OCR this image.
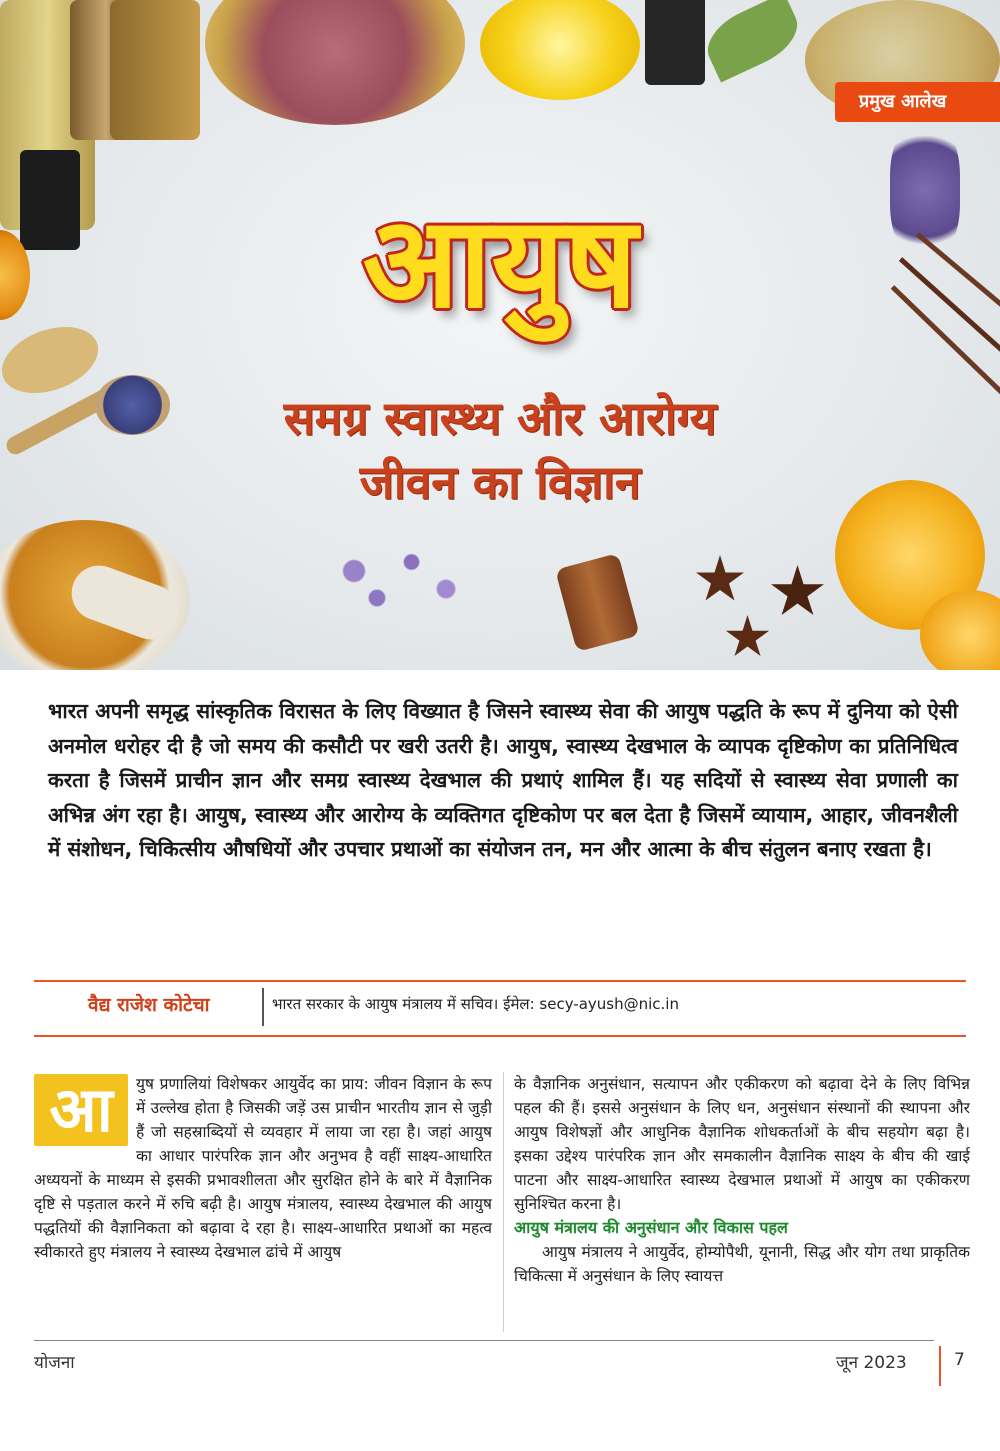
प्रमुख आलेख
आयुष
समग्र स्वास्थ्य और आरोग्य
जीवन का विज्ञान

भारत अपनी समृद्ध सांस्कृतिक विरासत के लिए विख्यात है जिसने स्वास्थ्य सेवा की आयुष पद्धति के रूप में दुनिया को ऐसी अनमोल धरोहर दी है जो समय की कसौटी पर खरी उतरी है। आयुष, स्वास्थ्य देखभाल के व्यापक दृष्टिकोण का प्रतिनिधित्व करता है जिसमें प्राचीन ज्ञान और समग्र स्वास्थ्य देखभाल की प्रथाएं शामिल हैं। यह सदियों से स्वास्थ्य सेवा प्रणाली का अभिन्न अंग रहा है। आयुष, स्वास्थ्य और आरोग्य के व्यक्तिगत दृष्टिकोण पर बल देता है जिसमें व्यायाम, आहार, जीवनशैली में संशोधन, चिकित्सीय औषधियों और उपचार प्रथाओं का संयोजन तन, मन और आत्मा के बीच संतुलन बनाए रखता है।

वैद्य राजेश कोटेचा	भारत सरकार के आयुष मंत्रालय में सचिव। ईमेल: secy-ayush@nic.in
आ	युष प्रणालियां विशेषकर आयुर्वेद का प्राय: जीवन विज्ञान के रूप में उल्लेख होता है जिसकी जड़ें उस प्राचीन भारतीय ज्ञान से जुड़ी हैं जो सहस्राब्दियों से व्यवहार में लाया जा रहा है। जहां आयुष का आधार पारंपरिक ज्ञान और अनुभव है वहीं साक्ष्य-आधारित अध्ययनों के माध्यम से इसकी प्रभावशीलता और सुरक्षित होने के बारे में वैज्ञानिक दृष्टि से पड़ताल करने में रुचि बढ़ी है। आयुष मंत्रालय, स्वास्थ्य देखभाल की आयुष पद्धतियों की वैज्ञानिकता को बढ़ावा दे रहा है। साक्ष्य-आधारित प्रथाओं का महत्व स्वीकारते हुए मंत्रालय ने स्वास्थ्य देखभाल ढांचे में आयुष
के वैज्ञानिक अनुसंधान, सत्यापन और एकीकरण को बढ़ावा देने के लिए विभिन्न पहल की हैं। इससे अनुसंधान के लिए धन, अनुसंधान संस्थानों की स्थापना और आयुष विशेषज्ञों और आधुनिक वैज्ञानिक शोधकर्ताओं के बीच सहयोग बढ़ा है। इसका उद्देश्य पारंपरिक ज्ञान और समकालीन वैज्ञानिक साक्ष्य के बीच की खाई पाटना और साक्ष्य-आधारित स्वास्थ्य देखभाल प्रथाओं में आयुष का एकीकरण सुनिश्चित करना है।
आयुष मंत्रालय की अनुसंधान और विकास पहल
आयुष मंत्रालय ने आयुर्वेद, होम्योपैथी, यूनानी, सिद्ध और योग तथा प्राकृतिक चिकित्सा में अनुसंधान के लिए स्वायत्त
योजना	जून 2023	7
